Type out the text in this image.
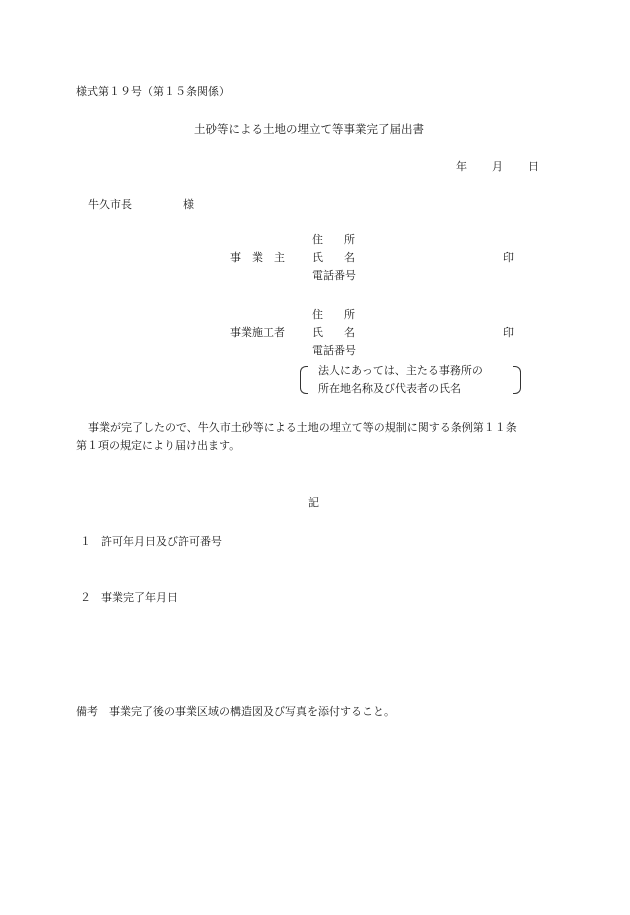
様式第１９号（第１５条関係）
土砂等による土地の埋立て等事業完了届出書
年 月 日
牛久市長	様
住所
事業主 氏名	印
電話番号
住所
事業施工者 氏名	印
電話番号
法人にあっては、主たる事務所の
所在地名称及び代表者の氏名
事業が完了したので、牛久市土砂等による土地の埋立て等の規制に関する条例第１１条
第１項の規定により届け出ます。
記
１ 許可年月日及び許可番号
２ 事業完了年月日
備考　事業完了後の事業区域の構造図及び写真を添付すること。
